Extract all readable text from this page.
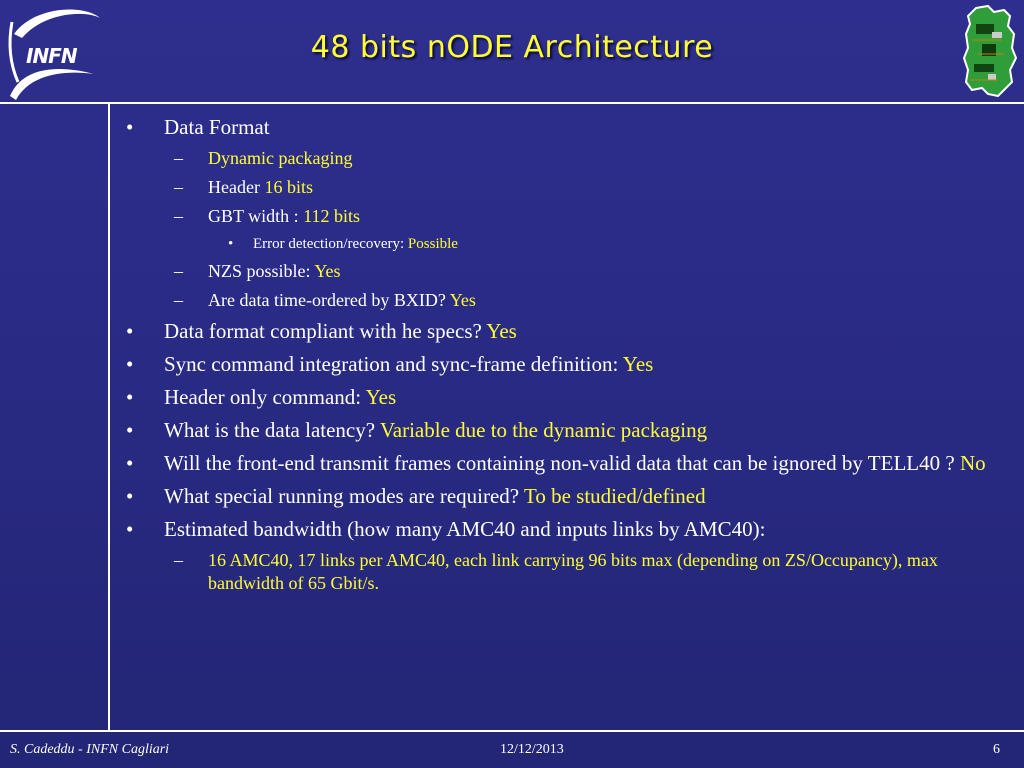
INFN	48 bits nODE Architecture
• Data Format
– Dynamic packaging
– Header 16 bits
– GBT width : 112 bits
• Error detection/recovery: Possible
– NZS possible: Yes
– Are data time-ordered by BXID? Yes
• Data format compliant with he specs? Yes
• Sync command integration and sync-frame definition: Yes
• Header only command: Yes
• What is the data latency? Variable due to the dynamic packaging
• Will the front-end transmit frames containing non-valid data that can be ignored by TELL40 ? No
• What special running modes are required? To be studied/defined
• Estimated bandwidth (how many AMC40 and inputs links by AMC40):
– 16 AMC40, 17 links per AMC40, each link carrying 96 bits max (depending on ZS/Occupancy), max bandwidth of 65 Gbit/s.
S. Cadeddu - INFN Cagliari	12/12/2013	6
